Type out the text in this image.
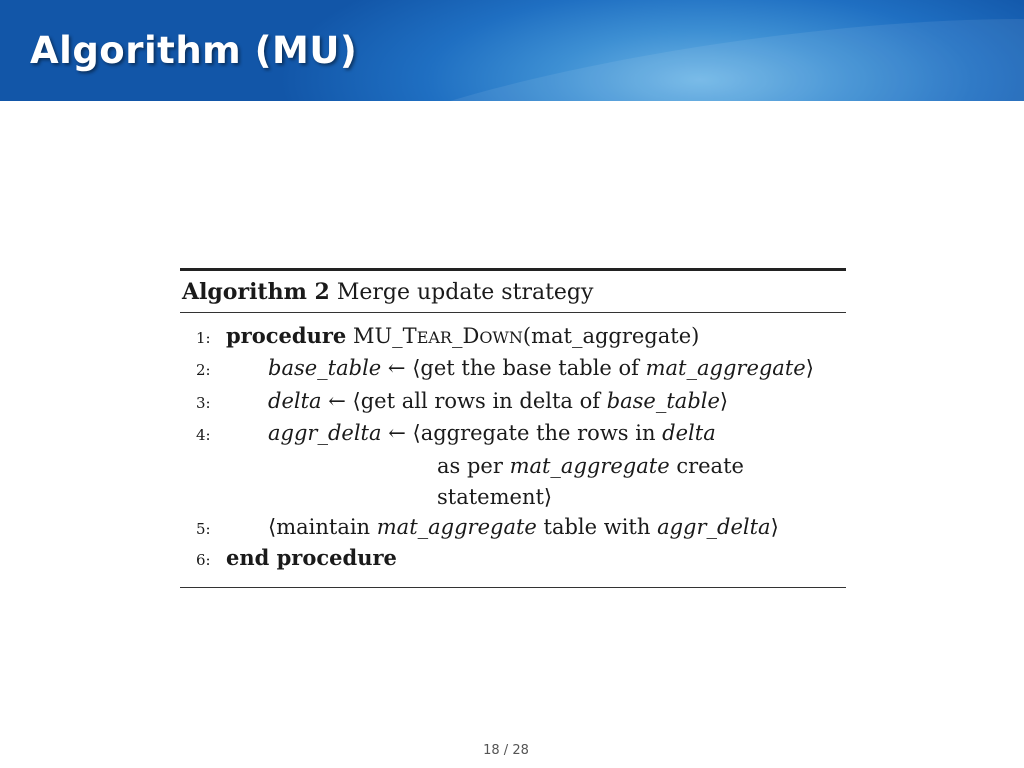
Algorithm (MU)
Algorithm 2 Merge update strategy
1: procedure MU_TEAR_DOWN(mat_aggregate)
2:	base_table ← ⟨get the base table of mat_aggregate⟩
3:	delta ← ⟨get all rows in delta of base_table⟩
4:	aggr_delta ← ⟨aggregate the rows in delta
as per mat_aggregate create
statement⟩
5:	⟨maintain mat_aggregate table with aggr_delta⟩
6: end procedure
18 / 28
